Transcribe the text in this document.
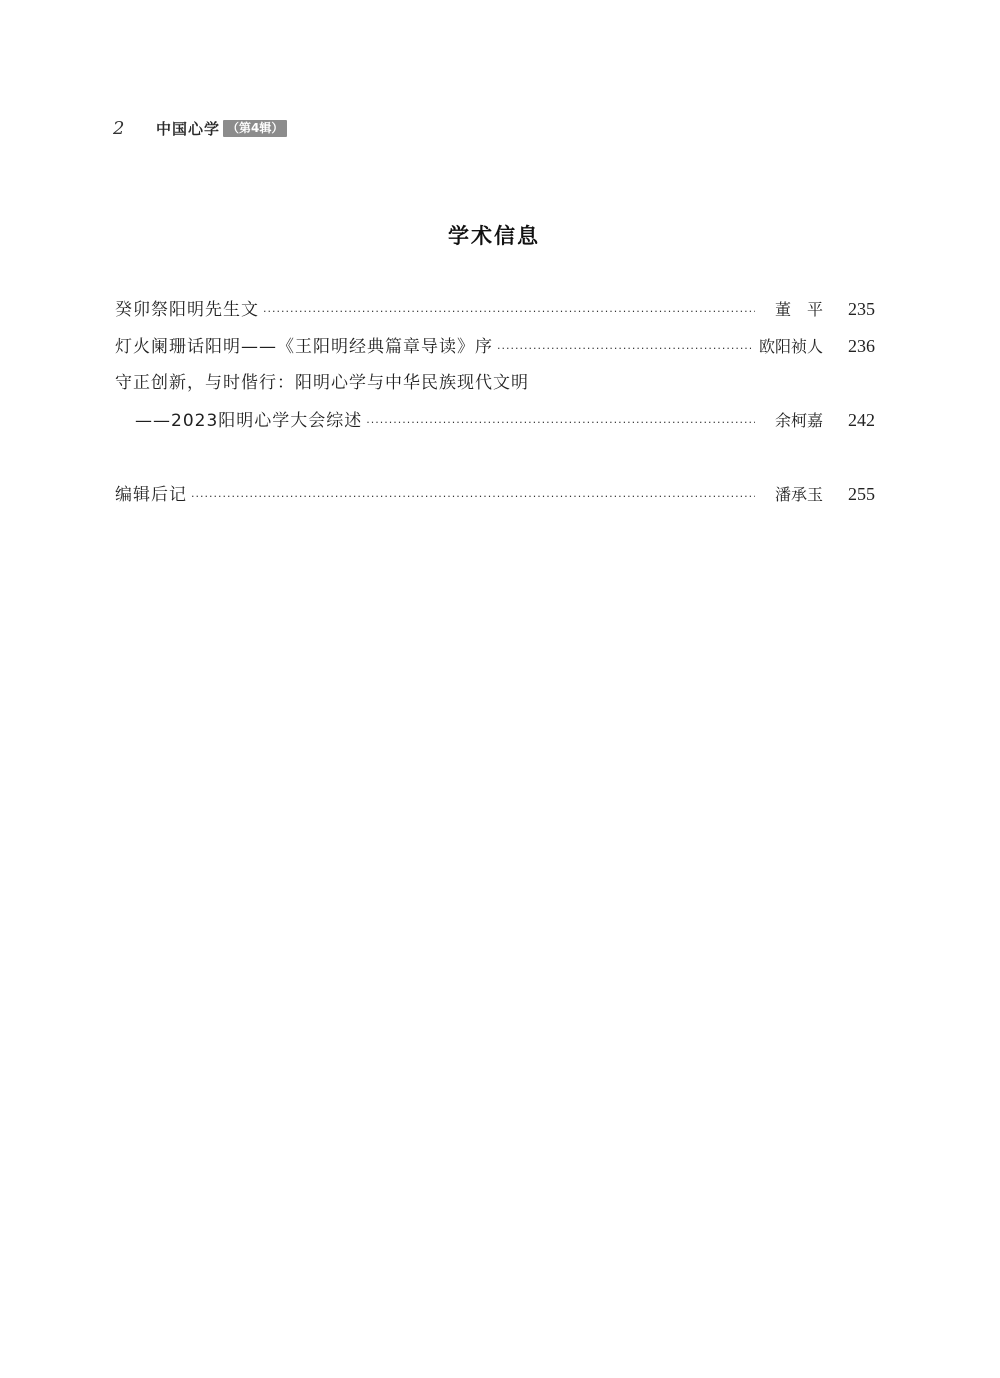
2	中国心学 （第4辑）
学术信息
癸卯祭阳明先生文 ·····	董　平	235
灯火阑珊话阳明——《王阳明经典篇章导读》序 ·····	欧阳祯人	236
守正创新，与时偕行：阳明心学与中华民族现代文明
——2023阳明心学大会综述 ·····	余柯嘉	242
编辑后记 ·····	潘承玉	255
